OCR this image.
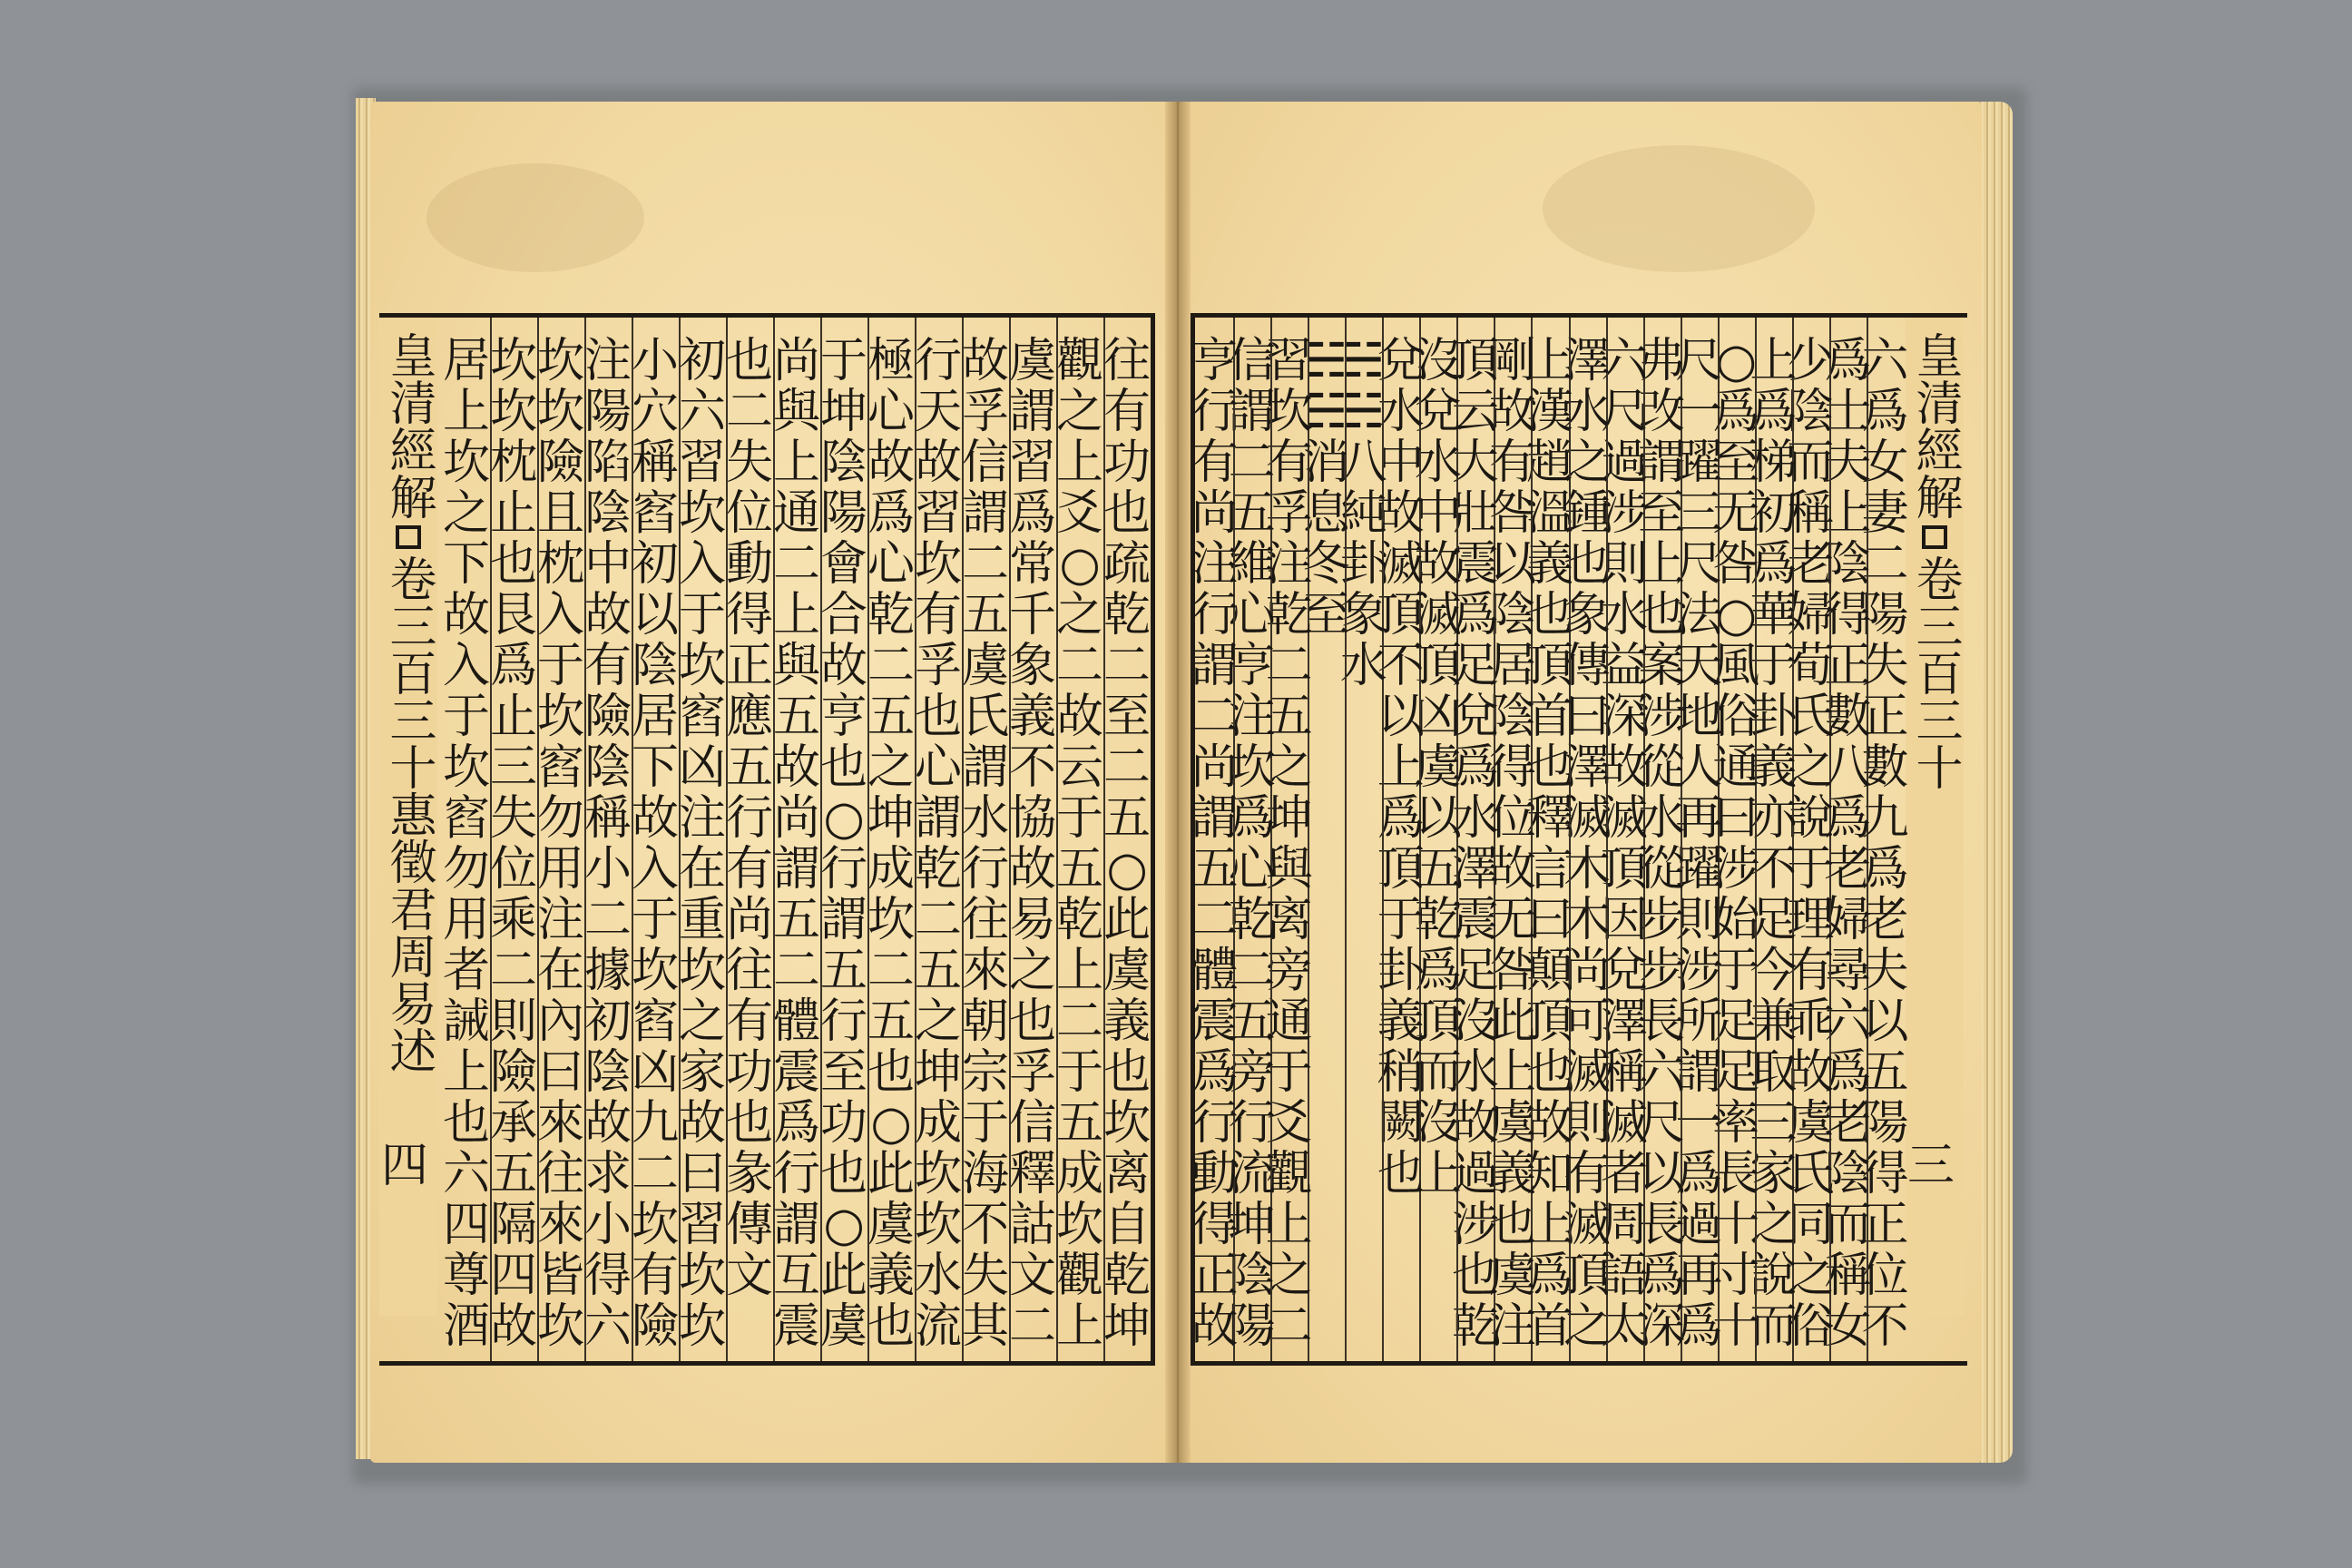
皇清經解
卷三百三十
惠徵君周易述
四
往
有
功
也
疏
乾
二
至
二
五
○
此
虞
義
也
坎
离
自
乾
坤
觀
之
上
爻
○
之
二
故
云
于
五
乾
上
二
于
五
成
坎
觀
上
虞
謂
習
爲
常
千
象
義
不
協
故
易
之
也
孚
信
釋
詁
文
二
故
孚
信
謂
二
五
虞
氏
謂
水
行
往
來
朝
宗
于
海
不
失
其
行
天
故
習
坎
有
孚
也
心
謂
乾
二
五
之
坤
成
坎
坎
水
流
極
心
故
爲
心
乾
二
五
之
坤
成
坎
二
五
也
○
此
虞
義
也
于
坤
陰
陽
會
合
故
亨
也
○
行
謂
五
行
至
功
也
○
此
虞
尚
與
上
通
二
上
與
五
故
尚
謂
五
二
體
震
爲
行
謂
互
震
也
二
失
位
動
得
正
應
五
行
有
尚
往
有
功
也
彖
傳
文
初
六
習
坎
入
于
坎
窞
凶
注
在
重
坎
之
家
故
曰
習
坎
坎
小
穴
稱
窞
初
以
陰
居
下
故
入
于
坎
窞
凶
九
二
坎
有
險
注
陽
陷
陰
中
故
有
險
陰
稱
小
二
據
初
陰
故
求
小
得
六
坎
坎
險
且
枕
入
于
坎
窞
勿
用
注
在
內
曰
來
往
來
皆
坎
坎
坎
枕
止
也
艮
爲
止
三
失
位
乘
二
則
險
承
五
隔
四
故
居
上
坎
之
下
故
入
于
坎
窞
勿
用
者
誡
上
也
六
四
尊
酒
皇清經解
卷三百三十
三
六
爲
女
妻
二
陽
失
正
數
九
爲
老
夫
以
五
陽
得
正
位
不
爲
士
夫
上
陰
得
正
數
八
爲
老
婦
尋
六
爲
老
陰
而
稱
女
少
陰
而
稱
老
婦
荀
氏
之
說
于
理
有
乖
故
虞
氏
同
之
俗
上
爲
梯
初
爲
華
于
卦
義
亦
不
足
今
兼
取
三
家
之
說
而
○
爲
至
无
咎
○
風
俗
通
曰
涉
始
于
足
足
率
長
十
寸
十
尺
一
躍
三
尺
法
天
地
人
再
躍
則
涉
所
謂
一
爲
過
再
爲
弗
改
謂
至
上
也
案
涉
從
水
從
步
步
長
六
尺
以
長
爲
深
六
尺
過
涉
則
水
益
深
故
滅
頂
因
兌
澤
稱
滅
者
周
語
太
澤
水
之
鍾
也
象
傳
曰
澤
滅
木
木
尚
可
滅
則
有
滅
頂
之
上
漢
趙
溫
義
也
頂
首
也
釋
言
曰
顛
頂
也
故
知
上
爲
首
剛
故
有
咎
以
陰
居
陰
得
位
故
无
咎
此
上
虞
義
也
虞
注
頂
云
大
壯
震
爲
足
兌
爲
水
澤
震
足
沒
水
故
過
涉
也
乾
沒
兌
水
中
故
滅
頂
凶
虞
以
五
乾
爲
頂
而
沒
上
兌
水
中
故
滅
頂
不
以
上
爲
頂
于
卦
義
稍
闕
也
☵
☵
八
純
卦
象
水
☵
☵
消
息
冬
至
習
坎
有
孚
注
乾
二
五
之
坤
與
离
旁
通
于
爻
觀
上
之
二
信
謂
二
五
維
心
亨
注
坎
爲
心
乾
二
五
旁
行
流
坤
陰
陽
亨
行
有
尚
注
行
謂
二
尚
謂
五
二
體
震
爲
行
動
得
正
故
